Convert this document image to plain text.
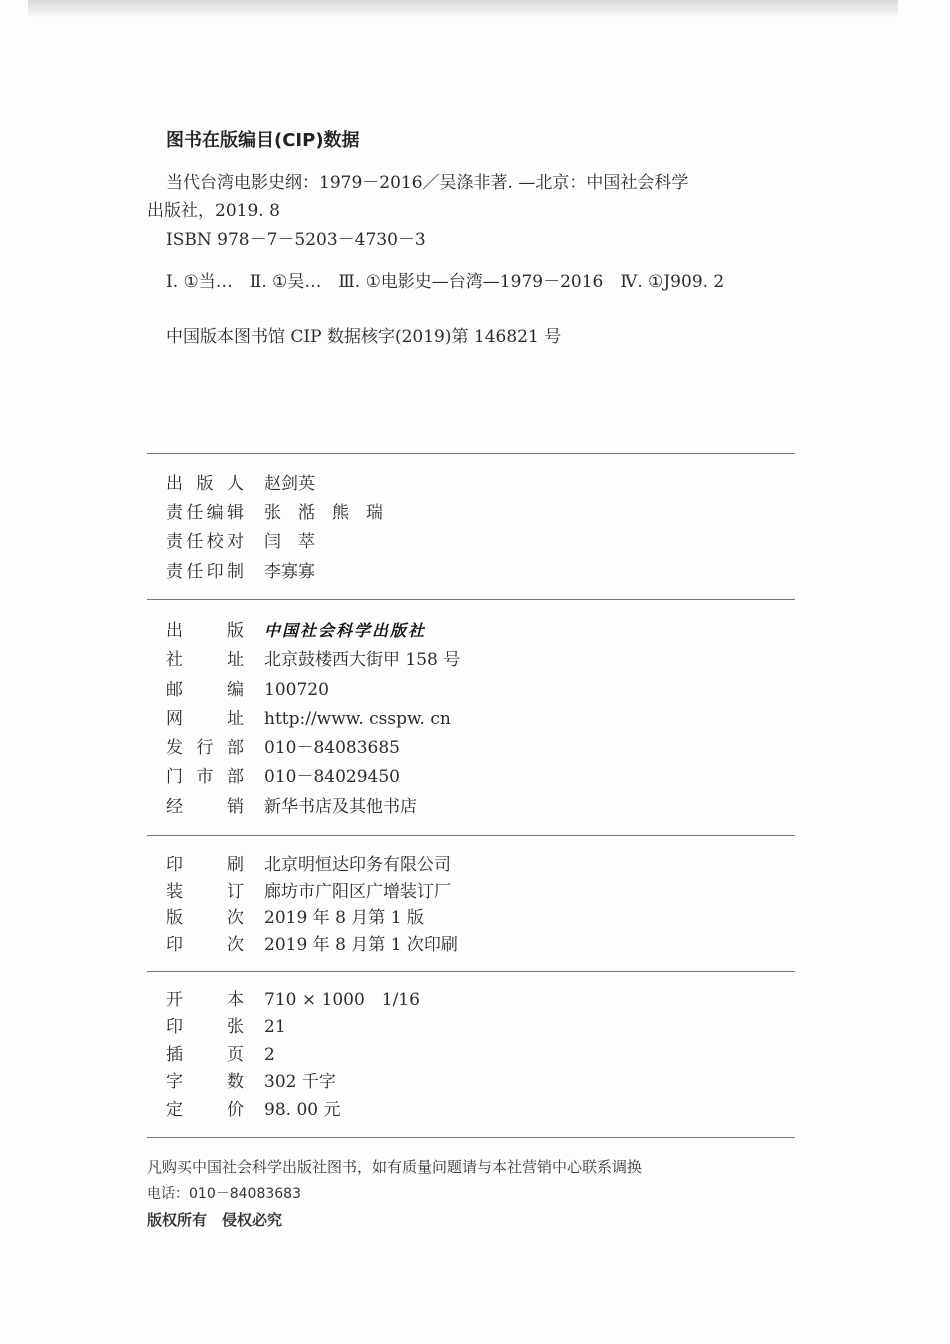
图书在版编目(CIP)数据
当代台湾电影史纲：1979－2016／吴涤非著. —北京：中国社会科学
出版社，2019. 8
ISBN 978－7－5203－4730－3
Ⅰ. ①当…　Ⅱ. ①吴…　Ⅲ. ①电影史—台湾—1979－2016　Ⅳ. ①J909. 2
中国版本图书馆 CIP 数据核字(2019)第 146821 号
出 版 人 赵剑英
责任编辑 张　湉　熊　瑞
责任校对 闫　萃
责任印制 李寡寡
出　　版 中国社会科学出版社
社　　址 北京鼓楼西大街甲 158 号
邮　　编 100720
网　　址 http://www. csspw. cn
发 行 部 010－84083685
门 市 部 010－84029450
经　　销 新华书店及其他书店
印　　刷 北京明恒达印务有限公司
装　　订 廊坊市广阳区广增装订厂
版　　次 2019 年 8 月第 1 版
印　　次 2019 年 8 月第 1 次印刷
开　　本 710 × 1000　1/16
印　　张 21
插　　页 2
字　　数 302 千字
定　　价 98. 00 元
凡购买中国社会科学出版社图书，如有质量问题请与本社营销中心联系调换
电话：010－84083683
版权所有　侵权必究
